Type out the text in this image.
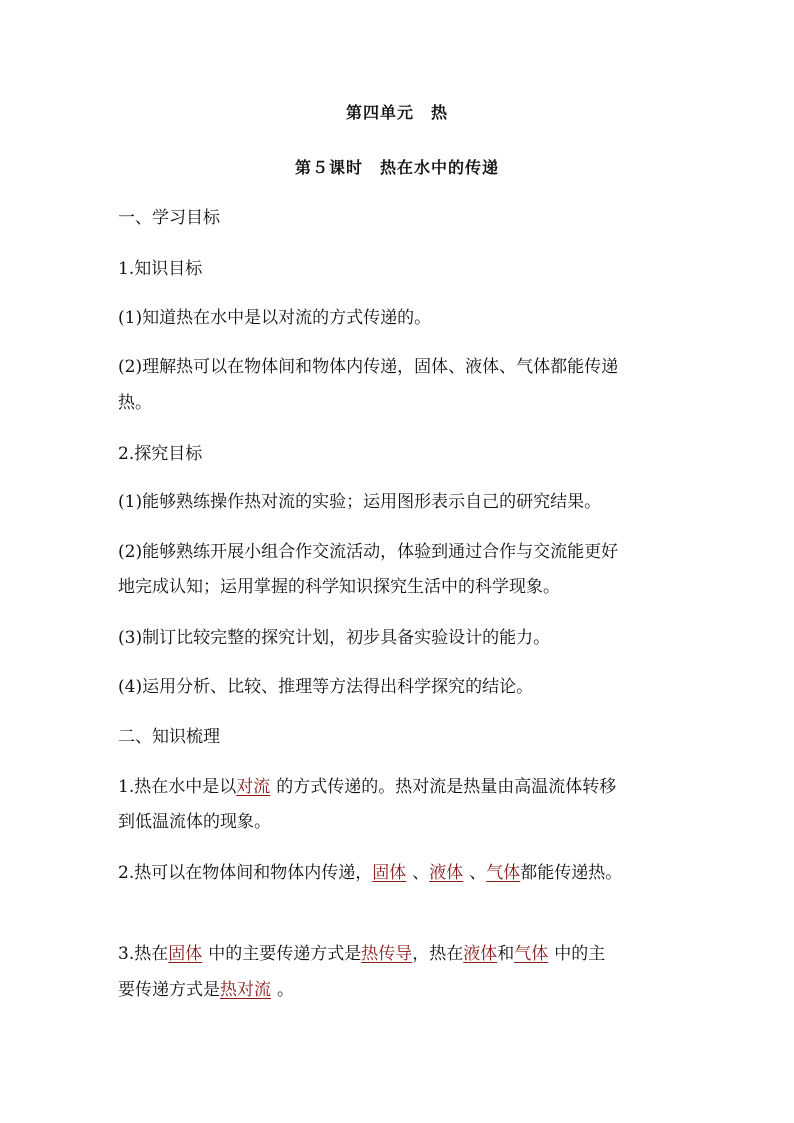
第四单元　热
第５课时　热在水中的传递
一、学习目标
1.知识目标
(1)知道热在水中是以对流的方式传递的。
(2)理解热可以在物体间和物体内传递，固体、液体、气体都能传递
热。
2.探究目标
(1)能够熟练操作热对流的实验；运用图形表示自己的研究结果。
(2)能够熟练开展小组合作交流活动，体验到通过合作与交流能更好
地完成认知；运用掌握的科学知识探究生活中的科学现象。
(3)制订比较完整的探究计划，初步具备实验设计的能力。
(4)运用分析、比较、推理等方法得出科学探究的结论。
二、知识梳理
1.热在水中是以对流 的方式传递的。热对流是热量由高温流体转移
到低温流体的现象。
2.热可以在物体间和物体内传递，固体 、液体 、气体都能传递热。
3.热在固体 中的主要传递方式是热传导，热在液体和气体 中的主
要传递方式是热对流 。
